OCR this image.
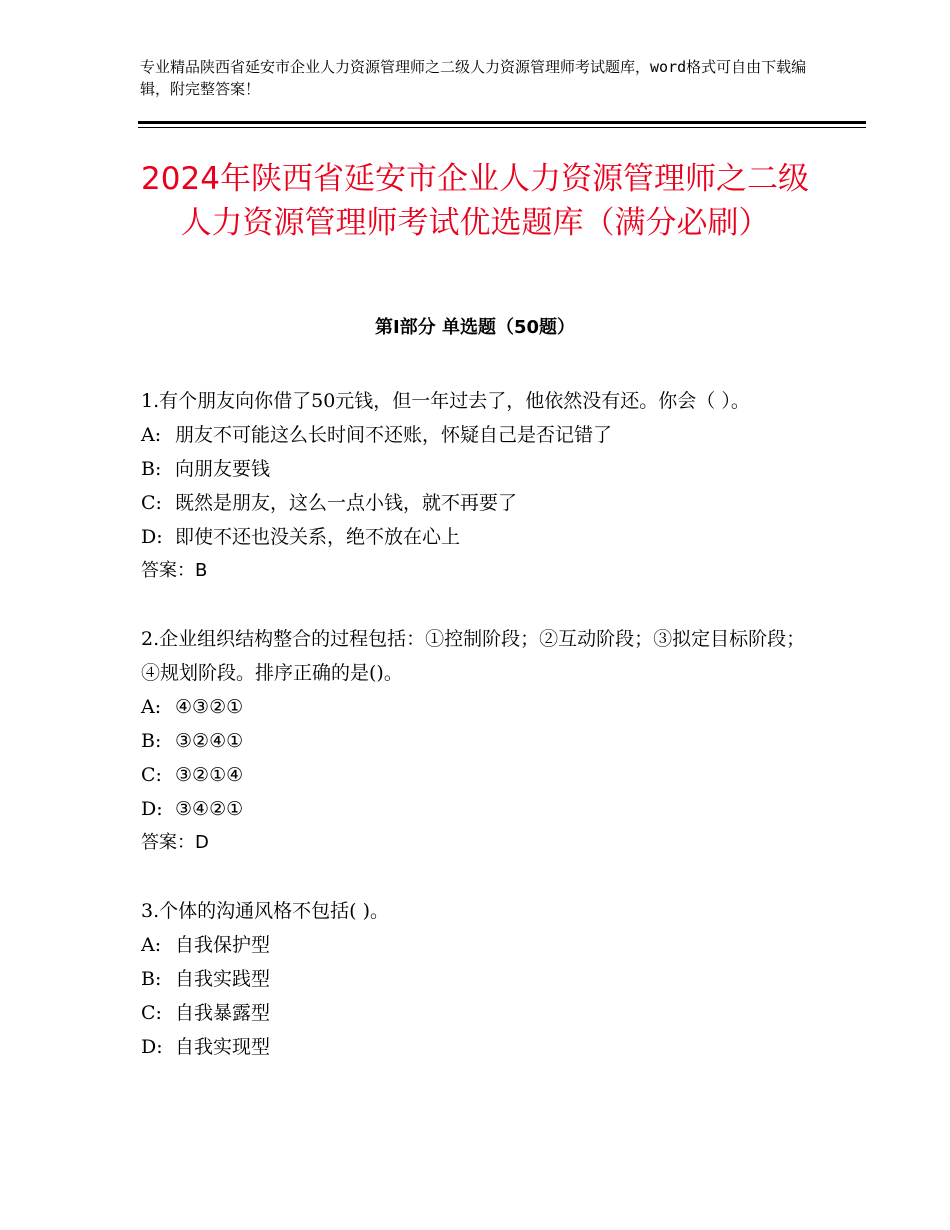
专业精品陕西省延安市企业人力资源管理师之二级人力资源管理师考试题库，word格式可自由下载编辑，附完整答案！
2024年陕西省延安市企业人力资源管理师之二级人力资源管理师考试优选题库（满分必刷）
第Ⅰ部分 单选题（50题）

1.有个朋友向你借了50元钱，但一年过去了，他依然没有还。你会（ ）。

A: 朋友不可能这么长时间不还账，怀疑自己是否记错了

B: 向朋友要钱

C: 既然是朋友，这么一点小钱，就不再要了

D: 即使不还也没关系，绝不放在心上

答案：B

2.企业组织结构整合的过程包括：①控制阶段；②互动阶段；③拟定目标阶段；④规划阶段。排序正确的是()。

A: ④③②①

B: ③②④①

C: ③②①④

D: ③④②①

答案：D

3.个体的沟通风格不包括( )。

A: 自我保护型

B: 自我实践型

C: 自我暴露型

D: 自我实现型
